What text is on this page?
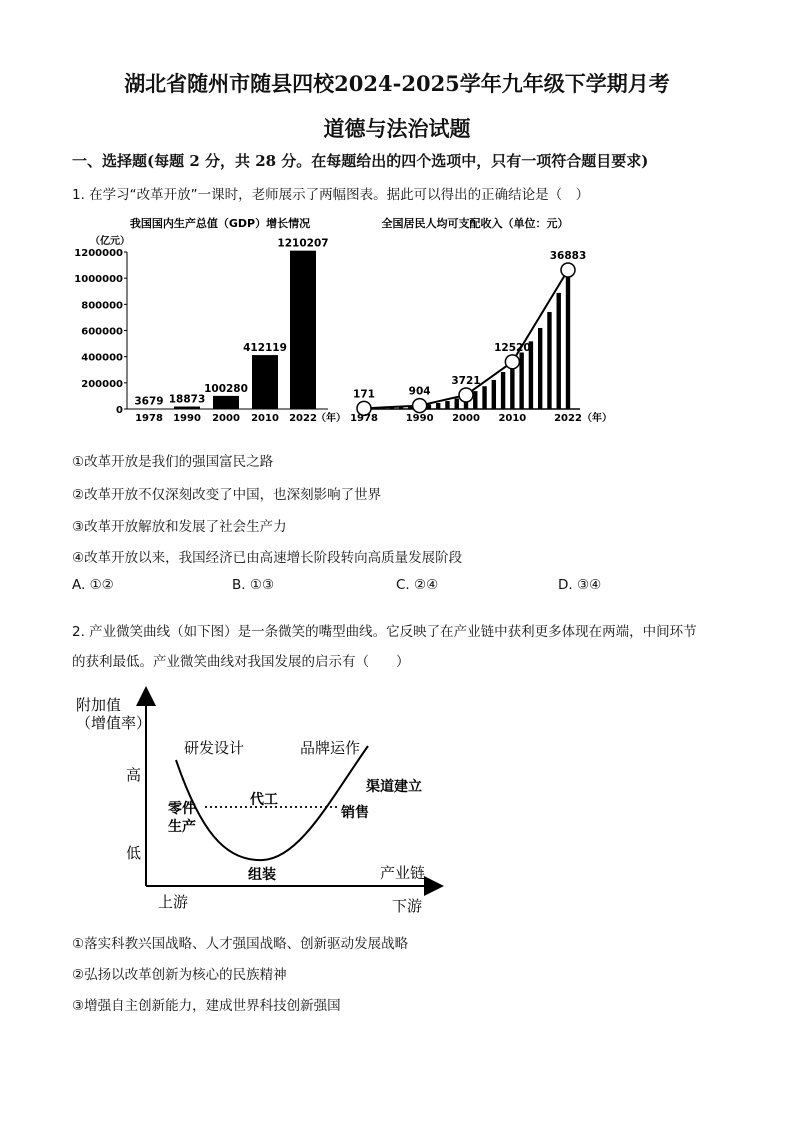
湖北省随州市随县四校2024-2025学年九年级下学期月考
道德与法治试题
一、选择题(每题 2 分，共 28 分。在每题给出的四个选项中，只有一项符合题目要求)
1. 在学习“改革开放”一课时，老师展示了两幅图表。据此可以得出的正确结论是（　）
我国国内生产总值（GDP）增长情况
（亿元）
1200000
1000000
800000
600000
400000
200000
0
3679
1978
18873
1990
100280
2000
412119
2010
1210207
2022 （年）
全国居民人均可支配收入（单位：元）
171	904
3721
12520
36883
1978	1990 2000 2010	2022 （年）
①改革开放是我们的强国富民之路
②改革开放不仅深刻改变了中国，也深刻影响了世界
③改革开放解放和发展了社会生产力
④改革开放以来，我国经济已由高速增长阶段转向高质量发展阶段
A. ①②	B. ①③	C. ②④	D. ③④
2. 产业微笑曲线（如下图）是一条微笑的嘴型曲线。它反映了在产业链中获利更多体现在两端，中间环节
的获利最低。产业微笑曲线对我国发展的启示有（　　）
附加值
（增值率）
高
低
研发设计	品牌运作
渠道建立
零件
生产
代工
销售
组装	产业链
上游	下游
①落实科教兴国战略、人才强国战略、创新驱动发展战略
②弘扬以改革创新为核心的民族精神
③增强自主创新能力，建成世界科技创新强国
